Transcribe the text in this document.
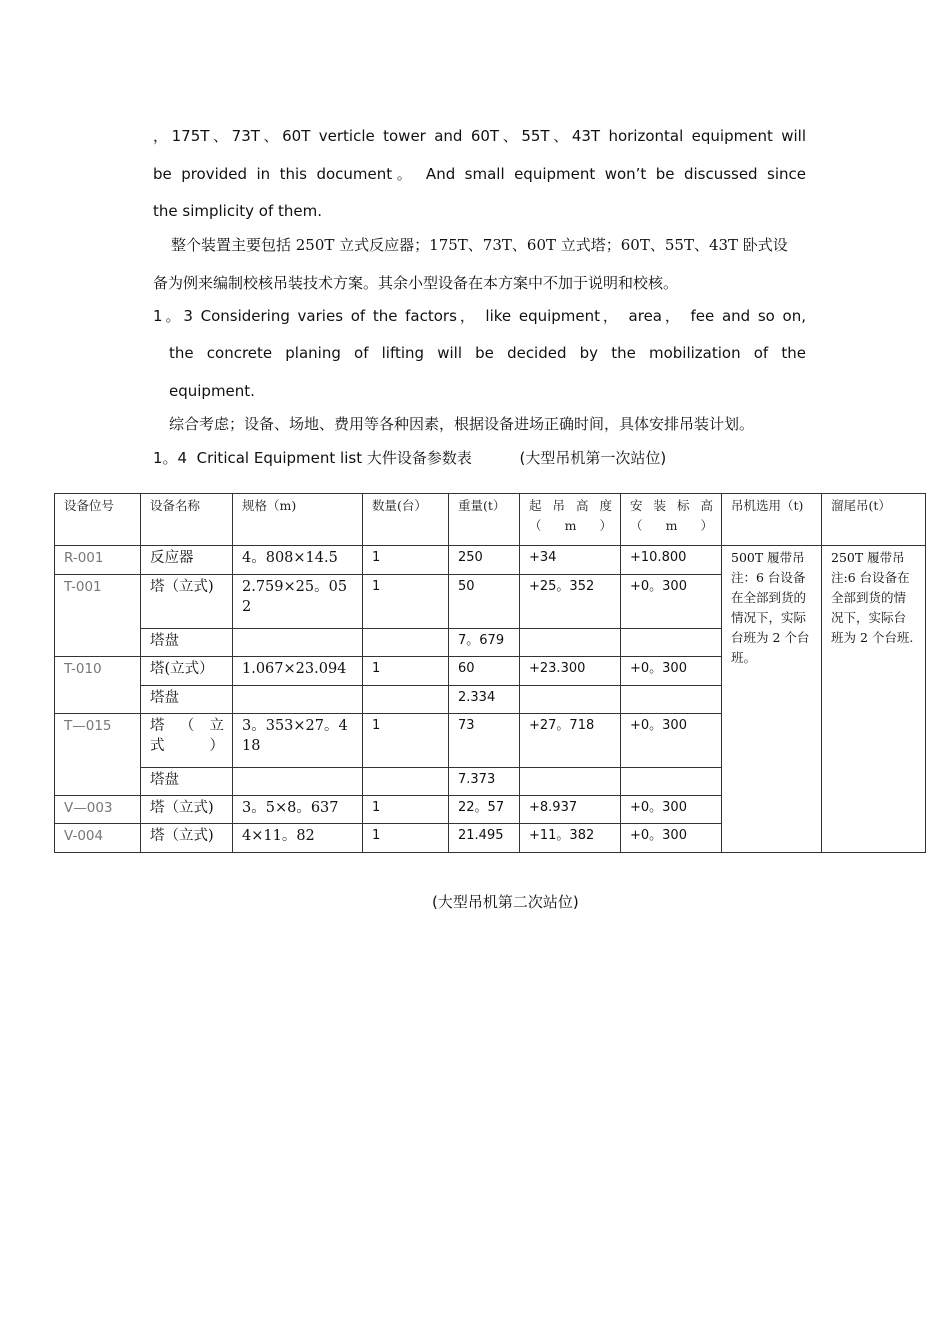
，175T、73T、60T verticle tower and 60T、55T、43T horizontal equipment will
be provided in this document。 And small equipment won’t be discussed since
the simplicity of them.
整个装置主要包括 250T 立式反应器；175T、73T、60T 立式塔；60T、55T、43T 卧式设
备为例来编制校核吊装技术方案。其余小型设备在本方案中不加于说明和校核。
1。3 Considering varies of the factors， like equipment， area， fee and so on,
the concrete planing of lifting will be decided by the mobilization of the
equipment.
综合考虑；设备、场地、费用等各种因素，根据设备进场正确时间，具体安排吊装计划。
1。4  Critical Equipment list 大件设备参数表          (大型吊机第一次站位)
设备位号	设备名称	规格（m)	数量(台）	重量(t）	起 吊 高 度（m）	安 装 标 高（m）	吊机选用（t)	溜尾吊(t）
R-001	反应器	4。808×14.5	1	250	+34	+10.800	500T 履带吊注：6 台设备在全部到货的情况下，实际台班为 2 个台班。	250T 履带吊注:6 台设备在全部到货的情况下，实际台班为 2 个台班.
T-001	塔（立式)	2.759×25。052	1	50	+25。352	+0。300		
	塔盘			7。679				
T-010	塔(立式）	1.067×23.094	1	60	+23.300	+0。300		
	塔盘			2.334				
T—015	塔 （ 立式）	3。353×27。418	1	73	+27。718	+0。300		
	塔盘			7.373				
V—003	塔（立式)	3。5×8。637	1	22。57	+8.937	+0。300		
V-004	塔（立式)	4×11。82	1	21.495	+11。382	+0。300		
(大型吊机第二次站位)
